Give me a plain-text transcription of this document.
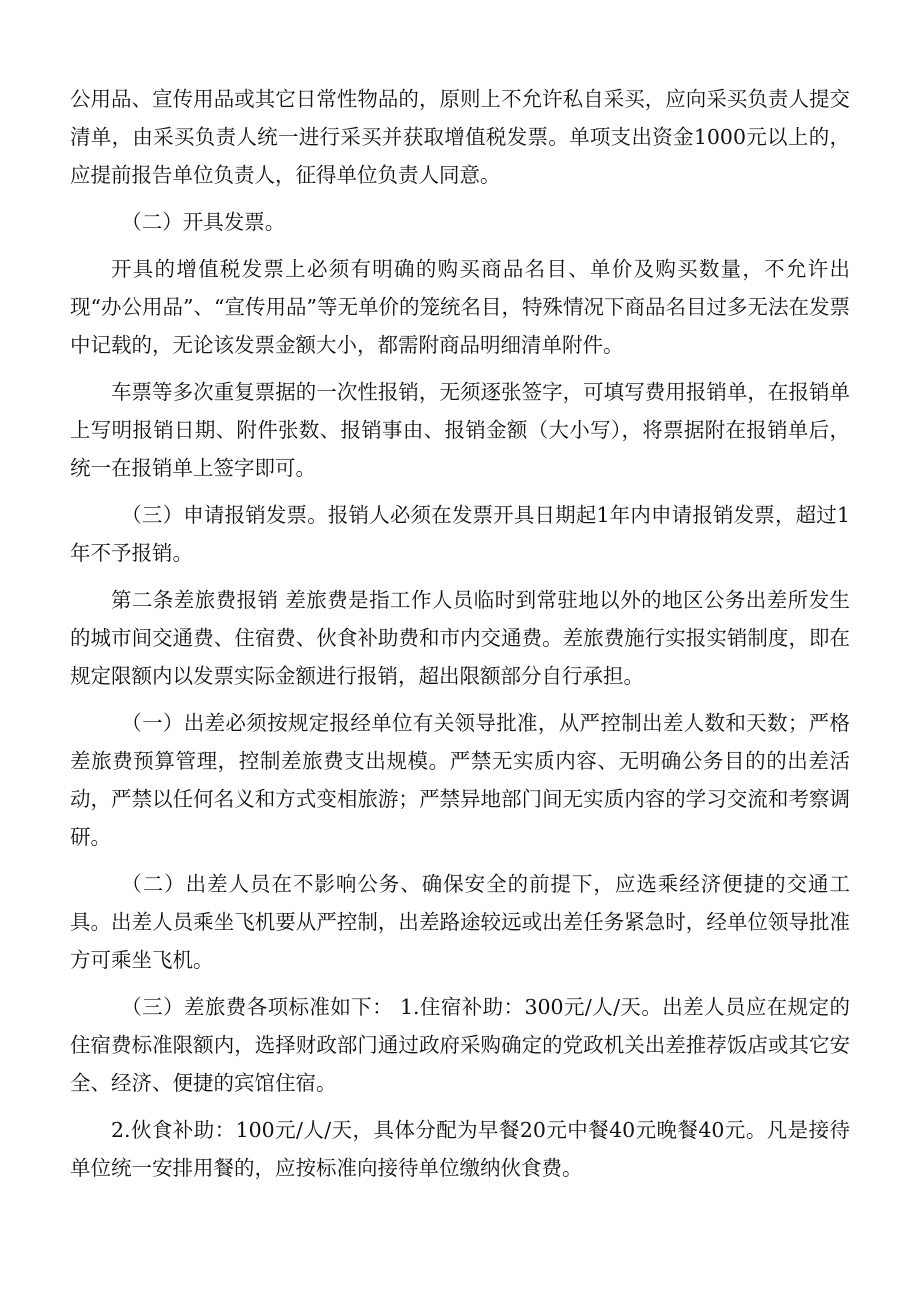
公用品、宣传用品或其它日常性物品的，原则上不允许私自采买，应向采买负责人提交清单，由采买负责人统一进行采买并获取增值税发票。单项支出资金1000元以上的，应提前报告单位负责人，征得单位负责人同意。

（二）开具发票。

开具的增值税发票上必须有明确的购买商品名目、单价及购买数量，不允许出现“办公用品”、“宣传用品”等无单价的笼统名目，特殊情况下商品名目过多无法在发票中记载的，无论该发票金额大小，都需附商品明细清单附件。

车票等多次重复票据的一次性报销，无须逐张签字，可填写费用报销单，在报销单上写明报销日期、附件张数、报销事由、报销金额（大小写），将票据附在报销单后，统一在报销单上签字即可。

（三）申请报销发票。报销人必须在发票开具日期起1年内申请报销发票，超过1年不予报销。

第二条差旅费报销 差旅费是指工作人员临时到常驻地以外的地区公务出差所发生的城市间交通费、住宿费、伙食补助费和市内交通费。差旅费施行实报实销制度，即在规定限额内以发票实际金额进行报销，超出限额部分自行承担。

（一）出差必须按规定报经单位有关领导批准，从严控制出差人数和天数；严格差旅费预算管理，控制差旅费支出规模。严禁无实质内容、无明确公务目的的出差活动，严禁以任何名义和方式变相旅游；严禁异地部门间无实质内容的学习交流和考察调研。

（二）出差人员在不影响公务、确保安全的前提下，应选乘经济便捷的交通工具。出差人员乘坐飞机要从严控制，出差路途较远或出差任务紧急时，经单位领导批准方可乘坐飞机。

（三）差旅费各项标准如下： 1.住宿补助：300元/人/天。出差人员应在规定的住宿费标准限额内，选择财政部门通过政府采购确定的党政机关出差推荐饭店或其它安全、经济、便捷的宾馆住宿。

2.伙食补助：100元/人/天，具体分配为早餐20元中餐40元晚餐40元。凡是接待单位统一安排用餐的，应按标准向接待单位缴纳伙食费。
